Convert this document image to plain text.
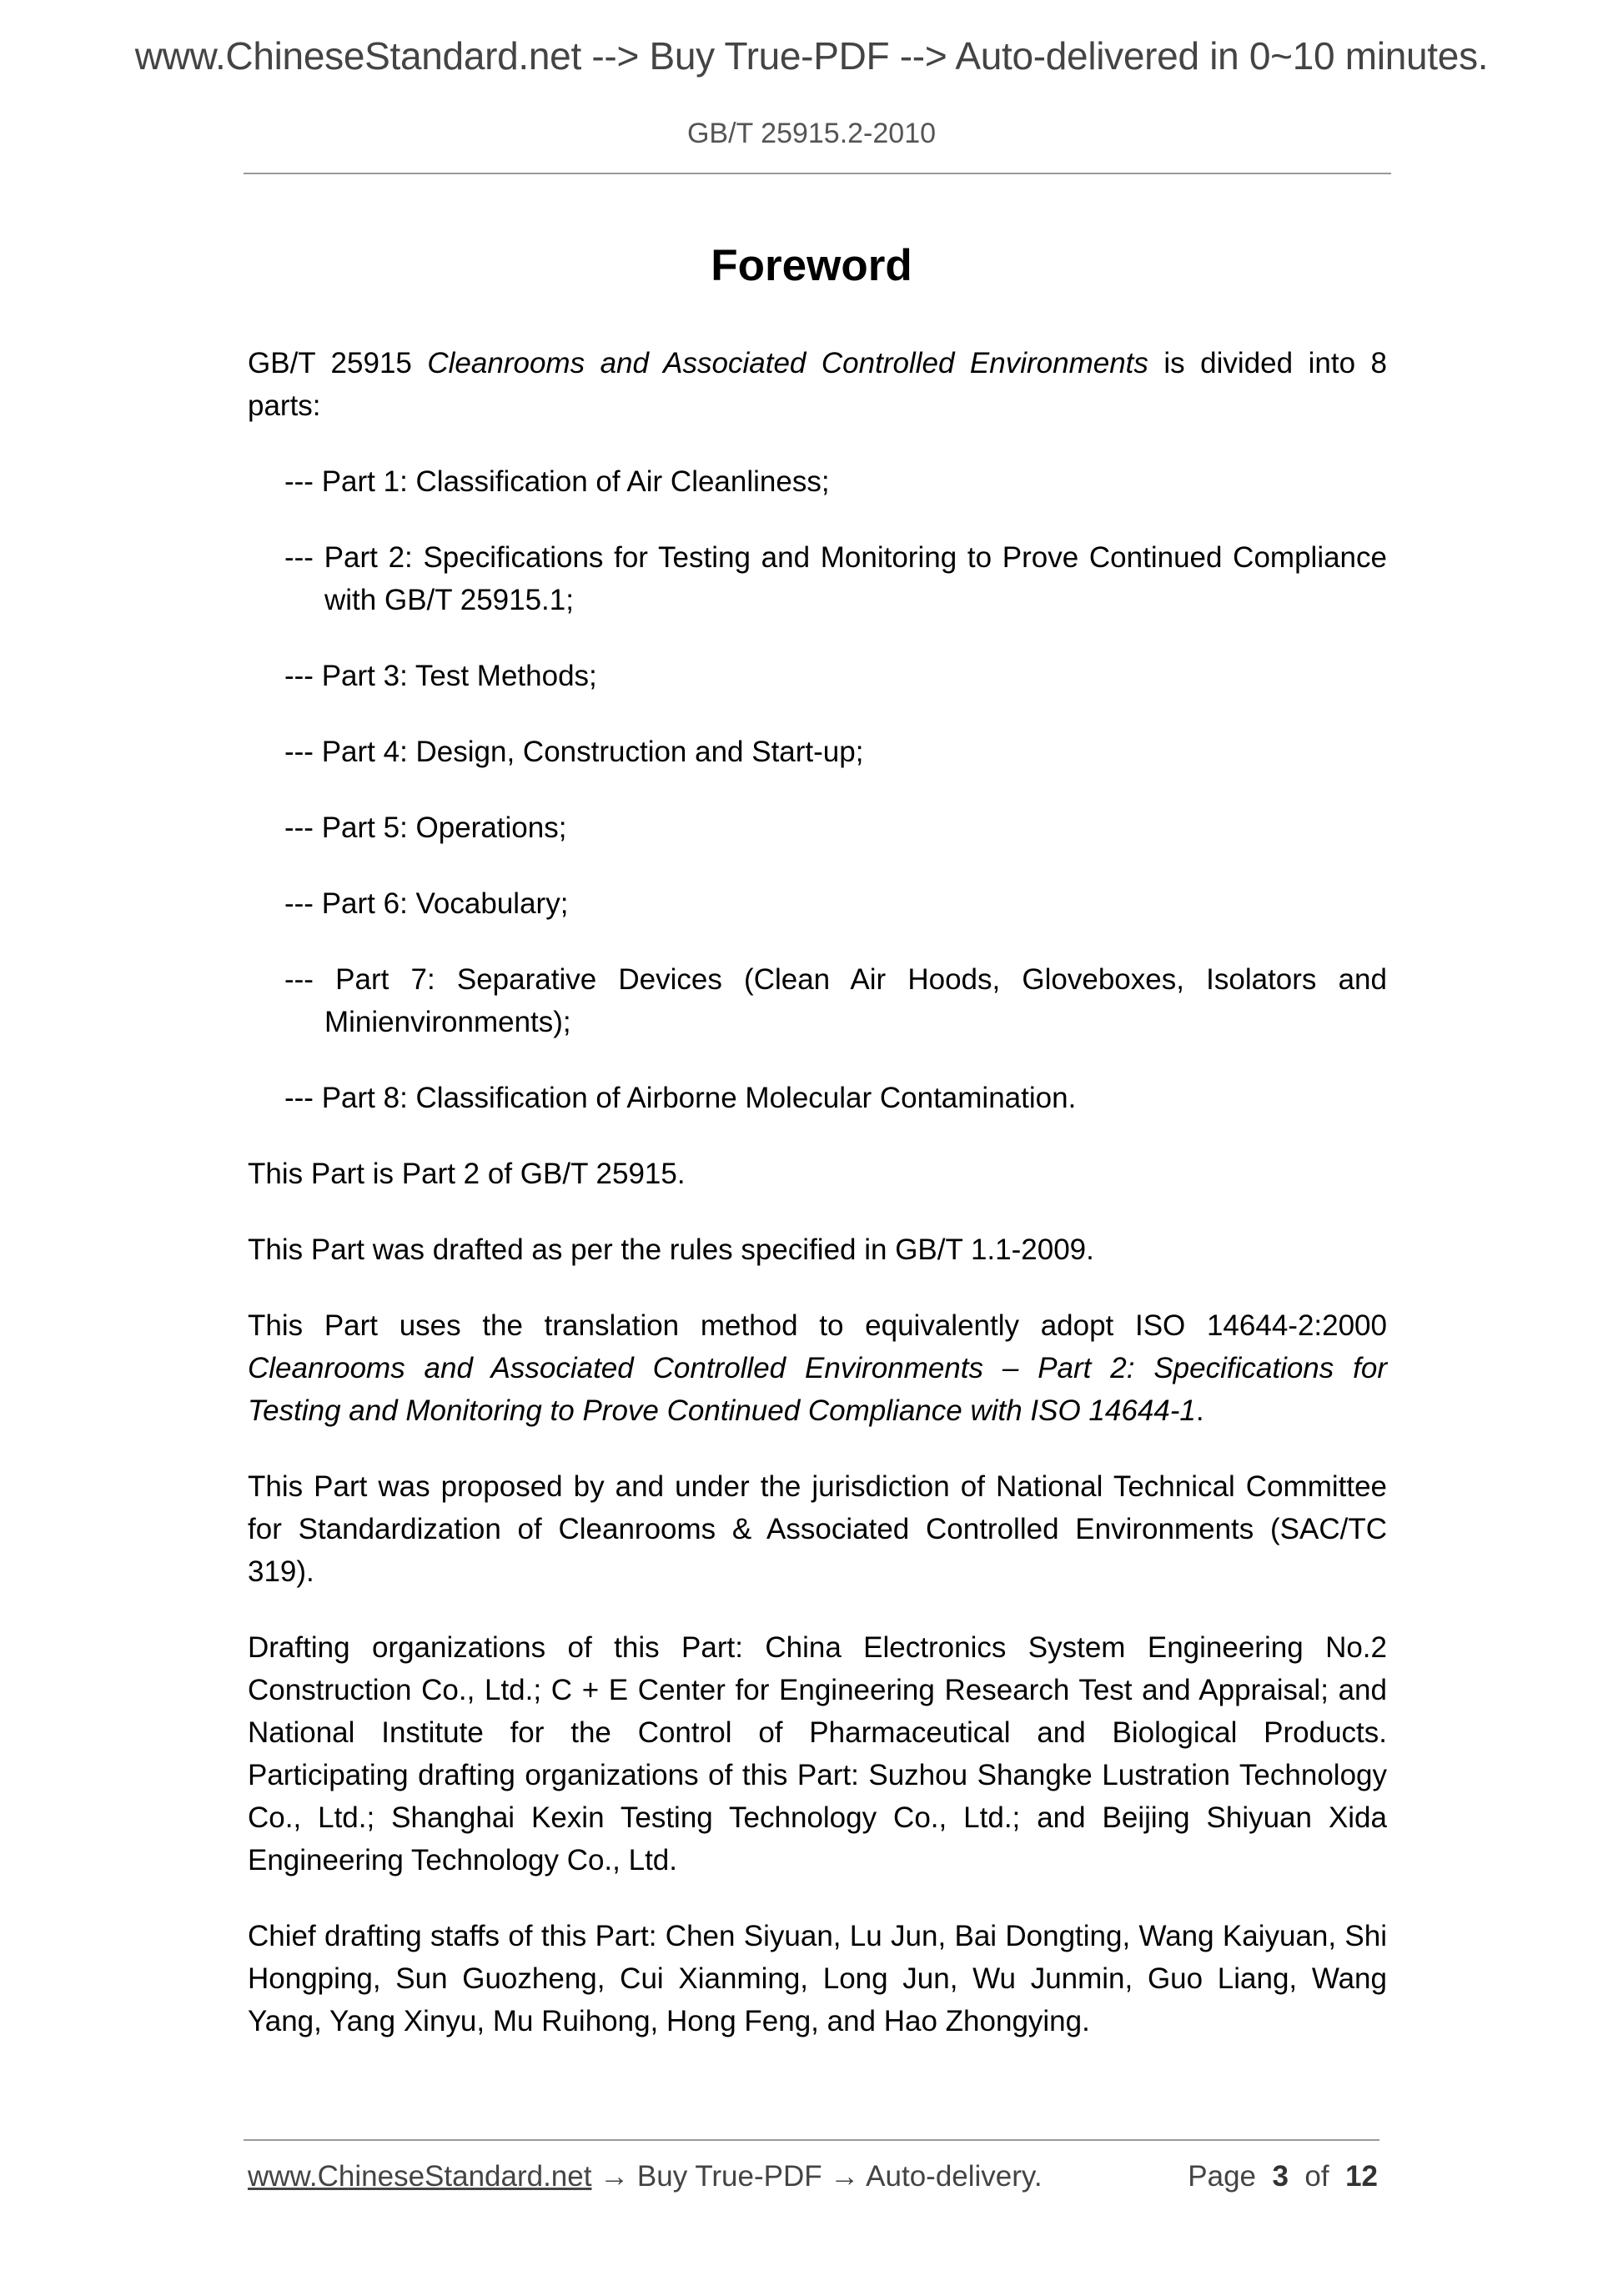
www.ChineseStandard.net --> Buy True-PDF --> Auto-delivered in 0~10 minutes.
GB/T 25915.2-2010
Foreword

GB/T 25915 Cleanrooms and Associated Controlled Environments is divided into 8 parts:

--- Part 1: Classification of Air Cleanliness;
--- Part 2: Specifications for Testing and Monitoring to Prove Continued Compliance with GB/T 25915.1;
--- Part 3: Test Methods;
--- Part 4: Design, Construction and Start-up;
--- Part 5: Operations;
--- Part 6: Vocabulary;
--- Part 7: Separative Devices (Clean Air Hoods, Gloveboxes, Isolators and Minienvironments);
--- Part 8: Classification of Airborne Molecular Contamination.

This Part is Part 2 of GB/T 25915.

This Part was drafted as per the rules specified in GB/T 1.1-2009.

This Part uses the translation method to equivalently adopt ISO 14644-2:2000 Cleanrooms and Associated Controlled Environments – Part 2: Specifications for Testing and Monitoring to Prove Continued Compliance with ISO 14644-1.

This Part was proposed by and under the jurisdiction of National Technical Committee for Standardization of Cleanrooms & Associated Controlled Environments (SAC/TC 319).

Drafting organizations of this Part: China Electronics System Engineering No.2 Construction Co., Ltd.; C + E Center for Engineering Research Test and Appraisal; and National Institute for the Control of Pharmaceutical and Biological Products. Participating drafting organizations of this Part: Suzhou Shangke Lustration Technology Co., Ltd.; Shanghai Kexin Testing Technology Co., Ltd.; and Beijing Shiyuan Xida Engineering Technology Co., Ltd.

Chief drafting staffs of this Part: Chen Siyuan, Lu Jun, Bai Dongting, Wang Kaiyuan, Shi Hongping, Sun Guozheng, Cui Xianming, Long Jun, Wu Junmin, Guo Liang, Wang Yang, Yang Xinyu, Mu Ruihong, Hong Feng, and Hao Zhongying.

www.ChineseStandard.net → Buy True-PDF → Auto-delivery.	Page 3 of 12
